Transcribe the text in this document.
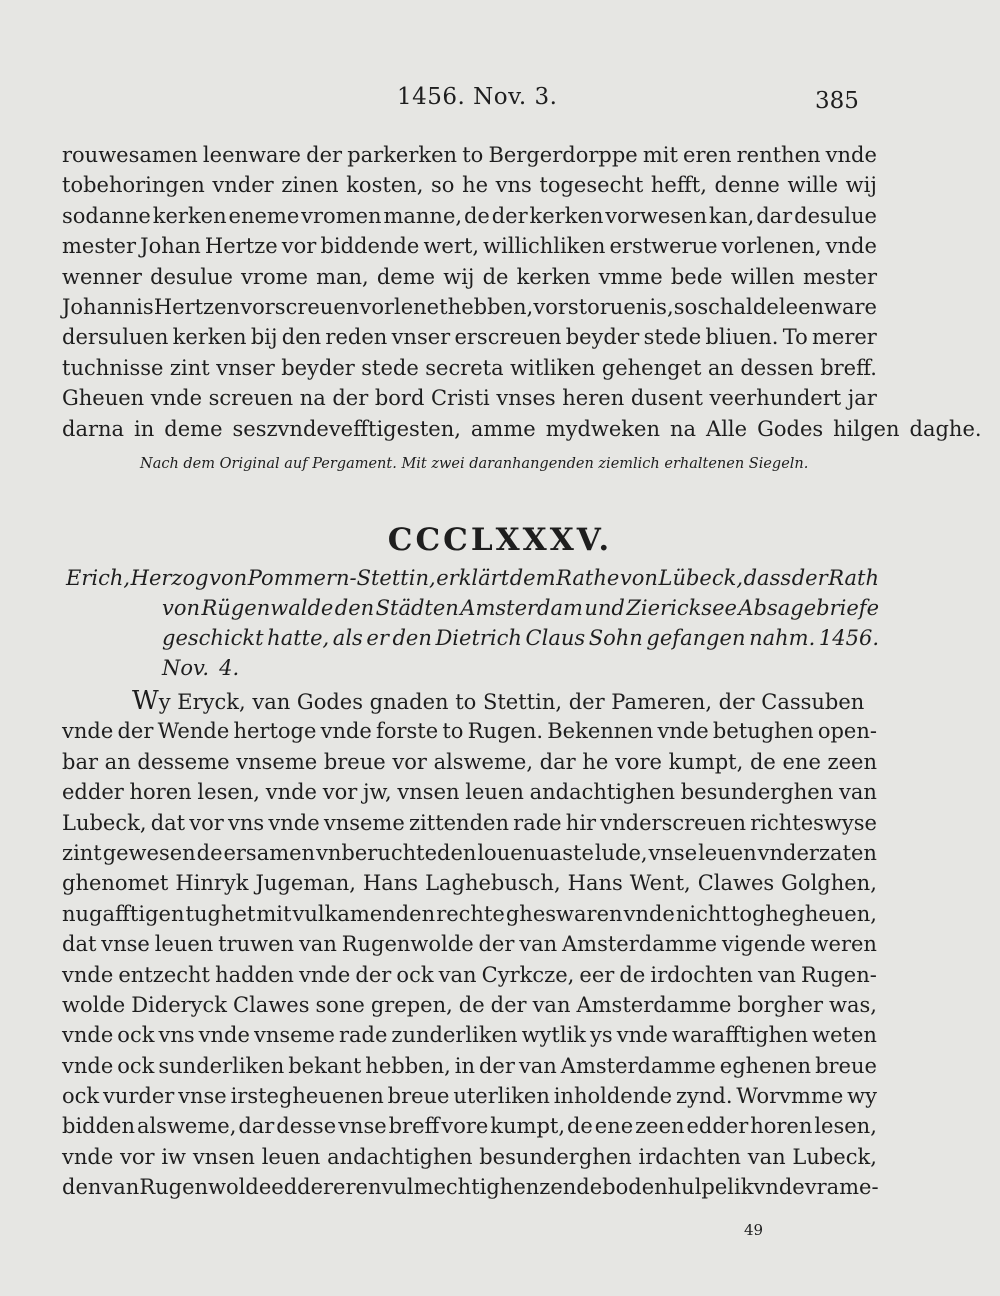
1456. Nov. 3.	385
rouwesamen leenware der parkerken to Bergerdorppe mit eren renthen vnde
tobehoringen vnder zinen kosten, so he vns togesecht hefft, denne wille wij
sodanne kerken eneme vromen manne, de der kerken vorwesen kan, dar desulue
mester Johan Hertze vor biddende wert, willichliken erstwerue vorlenen, vnde
wenner desulue vrome man, deme wij de kerken vmme bede willen mester
Johannis Hertzen vorscreuen vorlenet hebben, vorstoruen is, so schal de leenware
dersuluen kerken bij den reden vnser erscreuen beyder stede bliuen. To merer
tuchnisse zint vnser beyder stede secreta witliken gehenget an dessen breff.
Gheuen vnde screuen na der bord Cristi vnses heren dusent veerhundert jar
darna in deme seszvndevefftigesten, amme mydweken na Alle Godes hilgen daghe.
Nach dem Original auf Pergament. Mit zwei daranhangenden ziemlich erhaltenen Siegeln.
CCCLXXXV.
Erich, Herzog von Pommern-Stettin, erklärt dem Rathe von Lübeck, dass der Rath
von Rügenwalde den Städten Amsterdam und Ziericksee Absagebriefe
geschickt hatte, als er den Dietrich Claus Sohn gefangen nahm. 1456.
Nov. 4.
Wy Eryck, van Godes gnaden to Stettin, der Pameren, der Cassuben
vnde der Wende hertoge vnde forste to Rugen. Bekennen vnde betughen open-
bar an desseme vnseme breue vor alsweme, dar he vore kumpt, de ene zeen
edder horen lesen, vnde vor jw, vnsen leuen andachtighen besunderghen van
Lubeck, dat vor vns vnde vnseme zittenden rade hir vnderscreuen richteswyse
zint gewesen de ersamen vnberuchteden louenuaste lude, vnse leuen vnderzaten
ghenomet Hinryk Jugeman, Hans Laghebusch, Hans Went, Clawes Golghen,
nugafftigen tughet mit vulkamenden rechte gheswaren vnde nicht toghegheuen,
dat vnse leuen truwen van Rugenwolde der van Amsterdamme vigende weren
vnde entzecht hadden vnde der ock van Cyrkcze, eer de irdochten van Rugen-
wolde Dideryck Clawes sone grepen, de der van Amsterdamme borgher was,
vnde ock vns vnde vnseme rade zunderliken wytlik ys vnde warafftighen weten
vnde ock sunderliken bekant hebben, in der van Amsterdamme eghenen breue
ock vurder vnse irstegheuenen breue uterliken inholdende zynd. Worvmme wy
bidden alsweme, dar desse vnse breff vore kumpt, de ene zeen edder horen lesen,
vnde vor iw vnsen leuen andachtighen besunderghen irdachten van Lubeck,
den van Rugenwolde edder eren vulmechtighen zendeboden hulpelik vnde vrame-
49
